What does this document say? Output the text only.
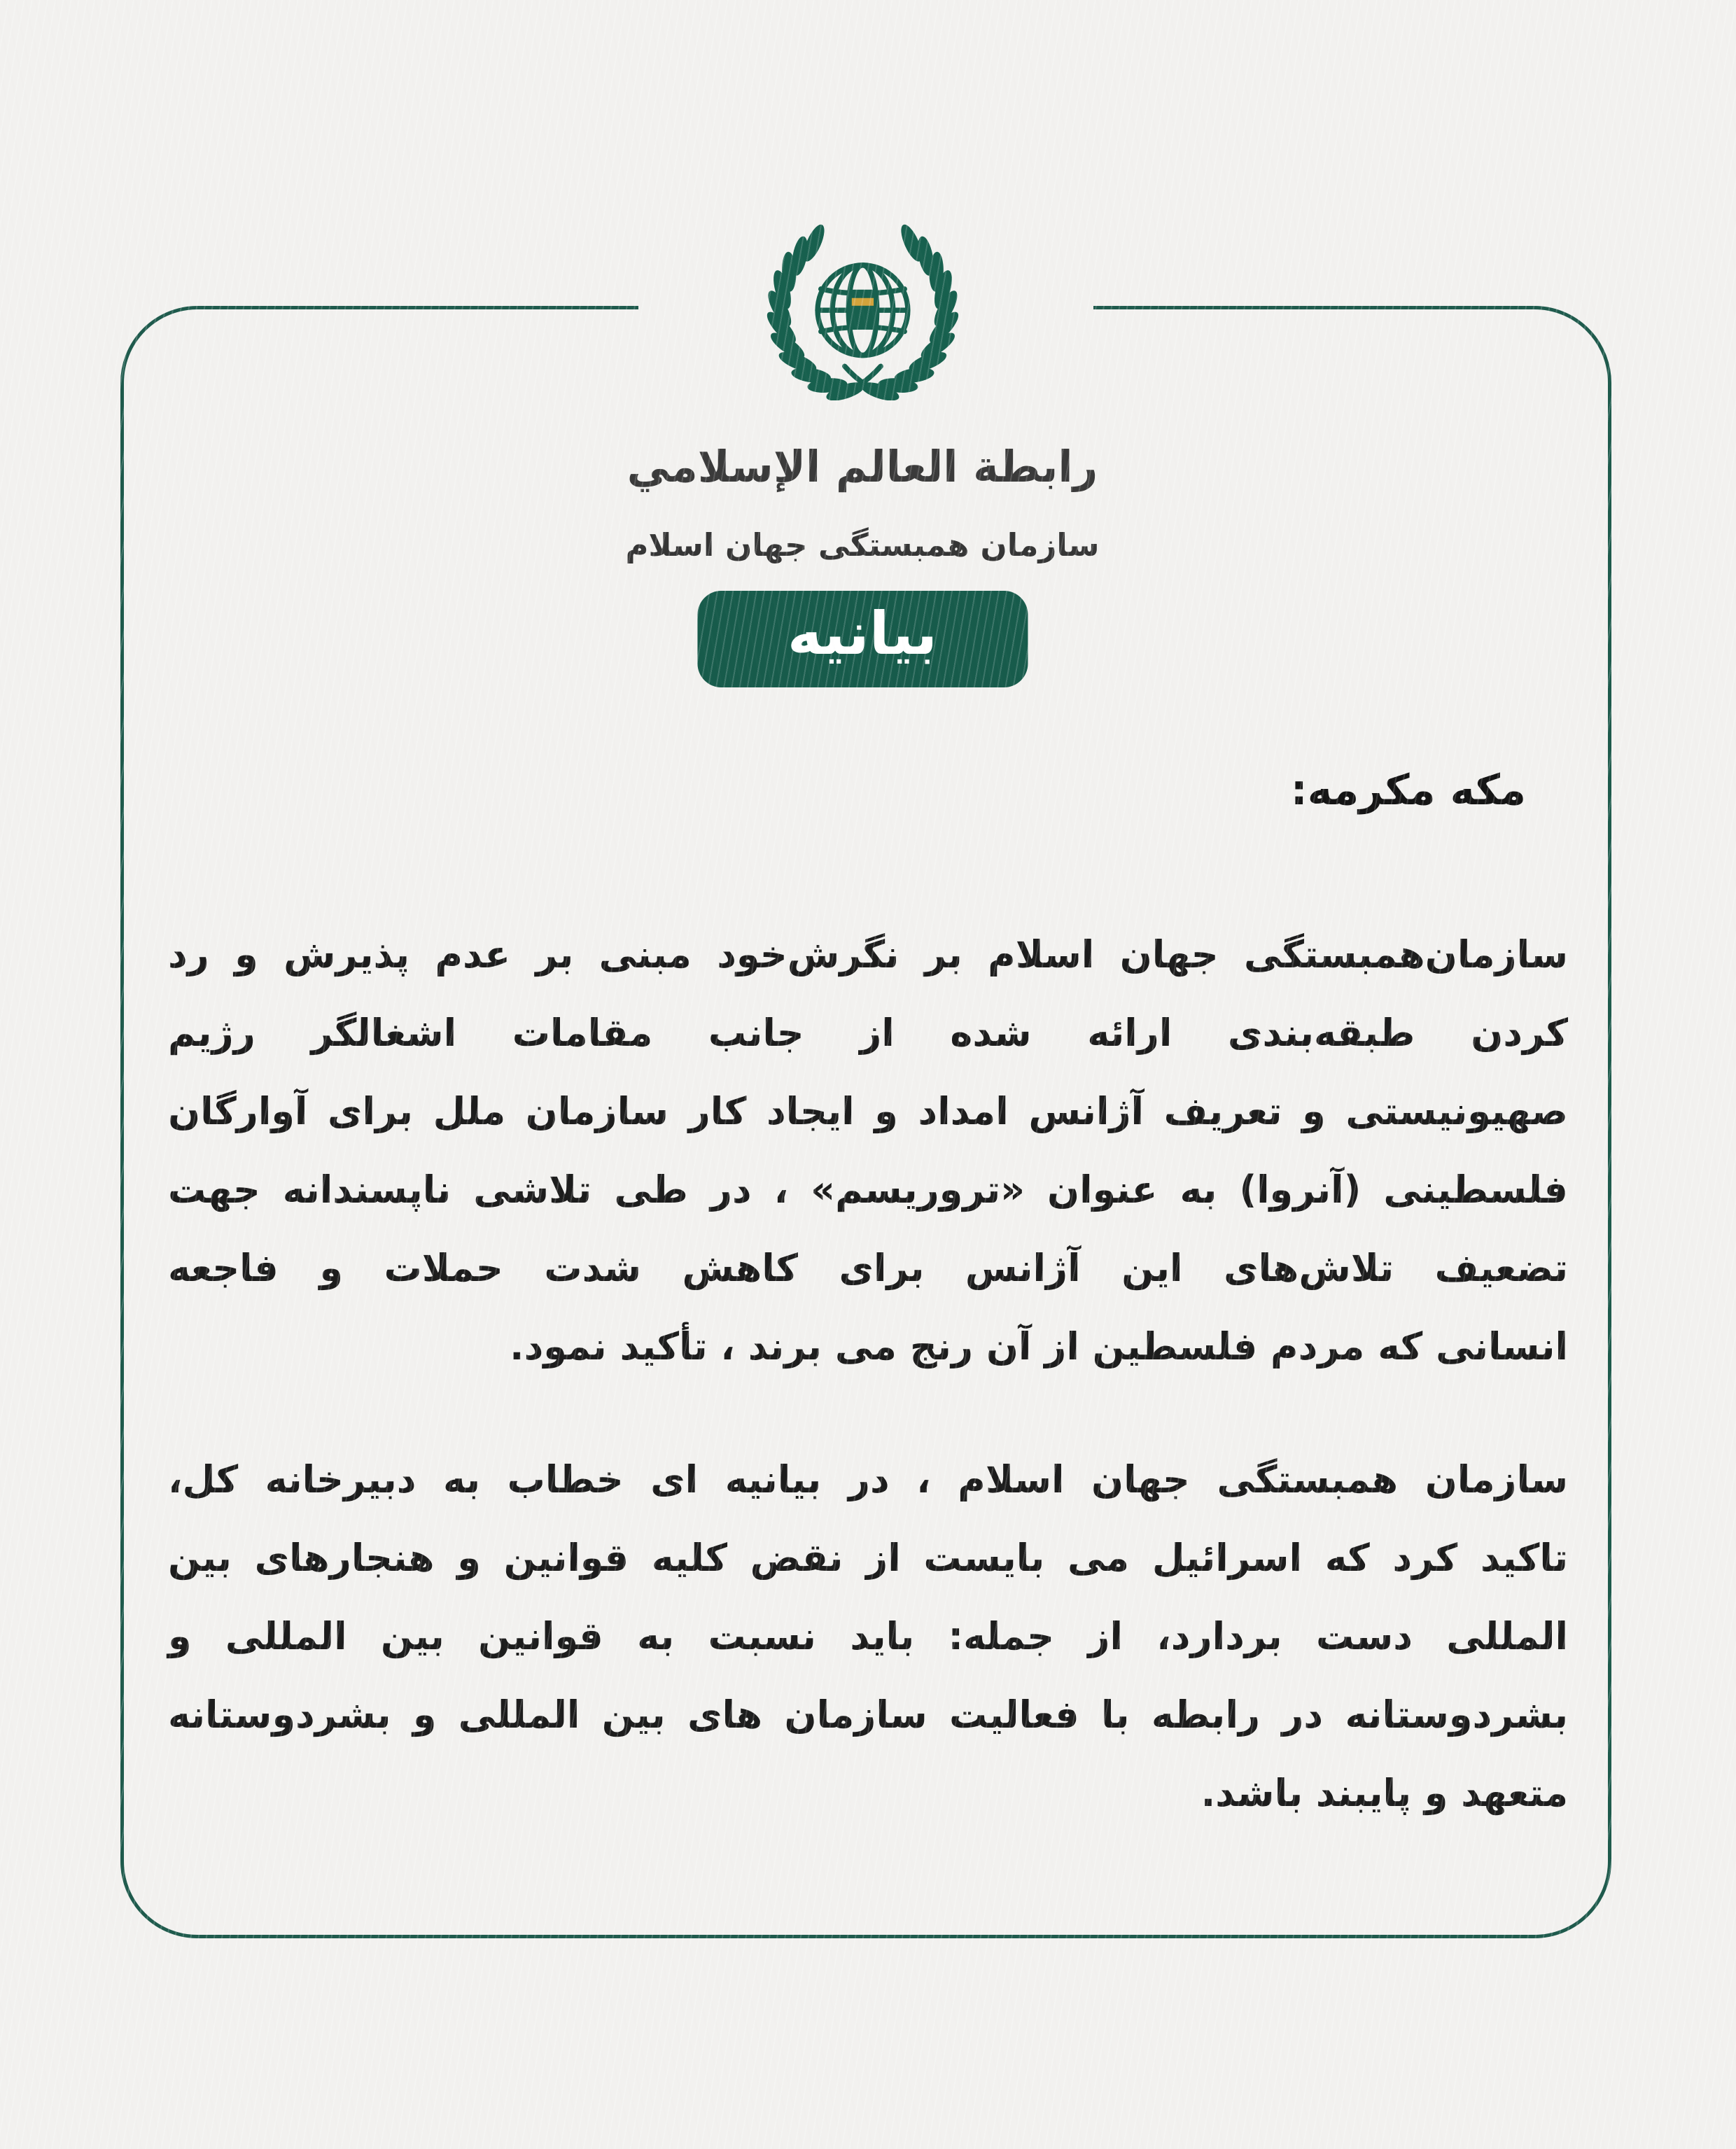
رابطة العالم الإسلامي
سازمان همبستگی جهان اسلام
بیانیه
مکه مکرمه:
سازمان‌همبستگی جهان اسلام بر نگرش‌خود مبنی بر عدم پذیرش و رد
کردن طبقه‌بندی ارائه شده از جانب مقامات اشغالگر رژیم
صهیونیستی و تعریف آژانس امداد و ایجاد کار سازمان ملل برای آوارگان
فلسطینی (آنروا) به عنوان «تروریسم» ، در طی تلاشی ناپسندانه جهت
تضعیف تلاش‌های این آژانس برای کاهش شدت حملات و فاجعه
انسانی که مردم فلسطین از آن رنج می برند ، تأکید نمود.
سازمان همبستگی جهان اسلام ، در بیانیه ای خطاب به دبیرخانه کل،
تاکید کرد که اسرائیل می بایست از نقض کلیه قوانین و هنجارهای بین
المللی دست بردارد، از جمله: باید نسبت به قوانین بین المللی و
بشردوستانه در رابطه با فعالیت سازمان های بین المللی و بشردوستانه
متعهد و پایبند باشد.
